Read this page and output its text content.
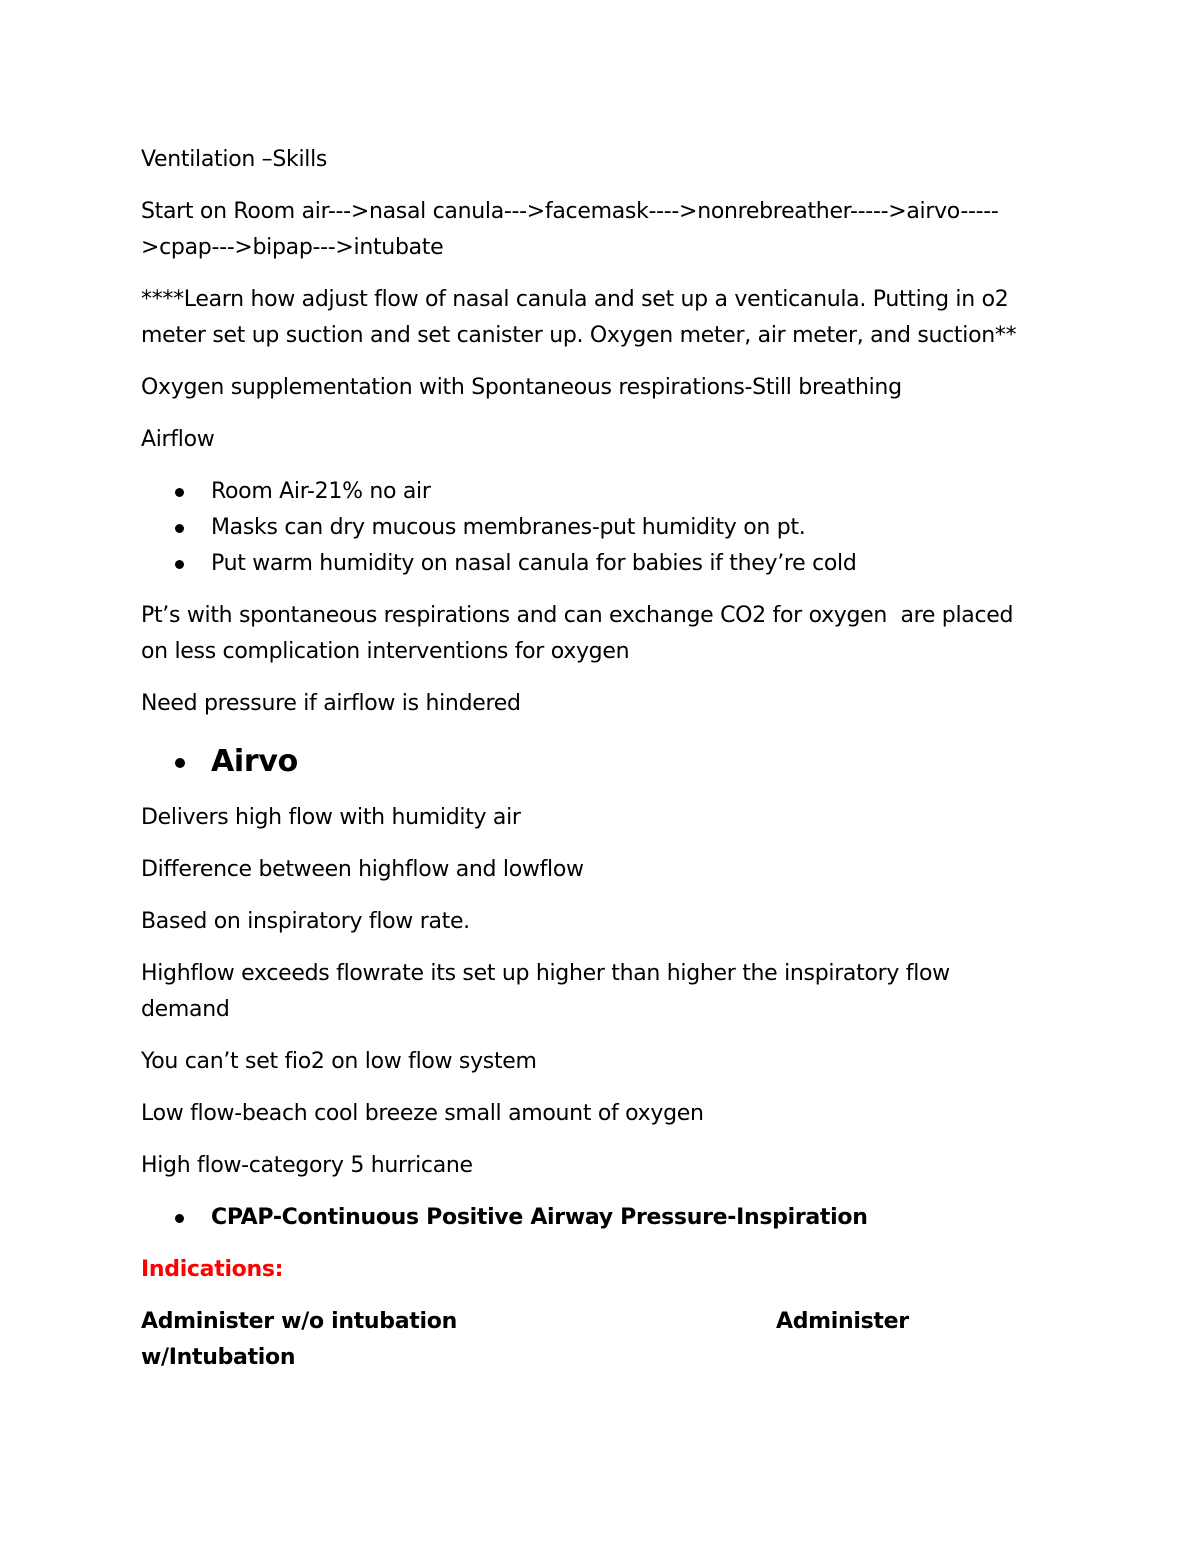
Ventilation –Skills

Start on Room air--->nasal canula--->facemask---->nonrebreather----->airvo-----
>cpap--->bipap--->intubate

****Learn how adjust flow of nasal canula and set up a venticanula. Putting in o2
meter set up suction and set canister up. Oxygen meter, air meter, and suction**

Oxygen supplementation with Spontaneous respirations-Still breathing

Airflow

Room Air-21% no air
Masks can dry mucous membranes-put humidity on pt.
Put warm humidity on nasal canula for babies if they’re cold

Pt’s with spontaneous respirations and can exchange CO2 for oxygen  are placed
on less complication interventions for oxygen

Need pressure if airflow is hindered

Airvo

Delivers high flow with humidity air

Difference between highflow and lowflow

Based on inspiratory flow rate.

Highflow exceeds flowrate its set up higher than higher the inspiratory flow
demand

You can’t set fio2 on low flow system

Low flow-beach cool breeze small amount of oxygen

High flow-category 5 hurricane

CPAP-Continuous Positive Airway Pressure-Inspiration

Indications:

Administer w/o intubation	Administer

w/Intubation
